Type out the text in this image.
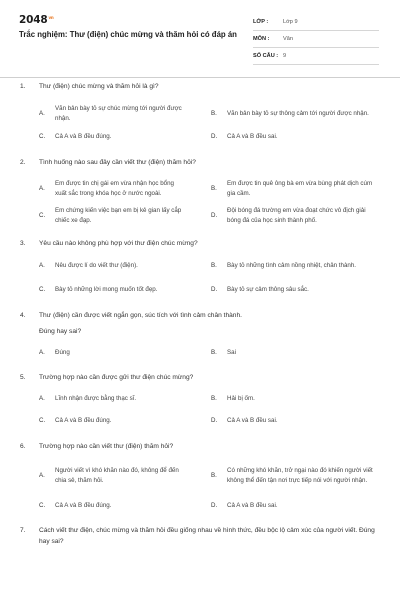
$2048^{vn}$
Trắc nghiệm: Thư (điện) chúc mừng và thăm hỏi có đáp án
LỚP :	Lớp 9
MÔN :	Văn
SỐ CÂU : 9
1. Thư (điện) chúc mừng và thăm hỏi là gì?
A.
Văn bản bày tỏ sự chúc mừng tới người được nhận.
B.	Văn bản bày tỏ sự thông cảm tới người được nhận.
C.	Cả A và B đều đúng.	D.	Cả A và B đều sai.
2. Tình huống nào sau đây cần viết thư (điện) thăm hỏi?
A.
Em được tin chị gái em vừa nhận học bổng xuất sắc trong khóa học ở nước ngoài.
B.
Em được tin quê ông bà em vừa bùng phát dịch cúm gia cầm.
C.
Em chứng kiến việc bạn em bị kẻ gian lấy cắp chiếc xe đạp.
D.
Đội bóng đá trường em vừa đoạt chức vô địch giải bóng đá của học sinh thành phố.
3. Yêu cầu nào không phù hợp với thư điện chúc mừng?
A.	Nêu được lí do viết thư (điện).	B.	Bày tỏ những tình cảm nồng nhiệt, chân thành.
C.	Bày tỏ những lời mong muốn tốt đẹp.	D.	Bày tỏ sự cảm thông sâu sắc.
4. Thư (điện) cần được viết ngắn gọn, súc tích với tình cảm chân thành.
Đúng hay sai?
A.	Đúng	B.	Sai
5. Trường hợp nào cần được gửi thư điện chúc mừng?
A.	Lĩnh nhận được bằng thạc sĩ.	B.	Hải bị ốm.
C.	Cả A và B đều đúng.	D.	Cả A và B đều sai.
6. Trường hợp nào cần viết thư (điện) thăm hỏi?
A.
Người viết vì khó khăn nào đó, không để đến chia sẻ, thăm hỏi.
B.
Có những khó khăn, trở ngại nào đó khiến người viết không thể đến tận nơi trực tiếp nói với người nhận.
C.	Cả A và B đều đúng.	D.	Cả A và B đều sai.
7. Cách viết thư điện, chúc mừng và thăm hỏi đều giống nhau về hình thức, đều bộc lộ cảm xúc của người viết. Đúng hay sai?
